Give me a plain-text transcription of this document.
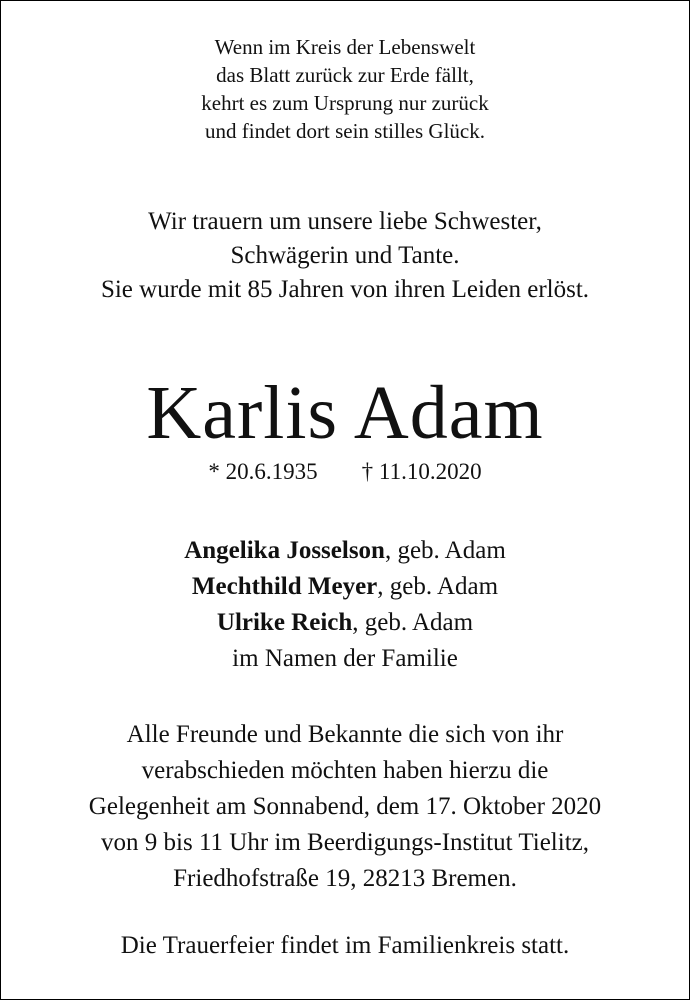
Wenn im Kreis der Lebenswelt
das Blatt zurück zur Erde fällt,
kehrt es zum Ursprung nur zurück
und findet dort sein stilles Glück.
Wir trauern um unsere liebe Schwester,
Schwägerin und Tante.
Sie wurde mit 85 Jahren von ihren Leiden erlöst.
Karlis Adam
* 20.6.1935 † 11.10.2020
Angelika Josselson, geb. Adam
Mechthild Meyer, geb. Adam
Ulrike Reich, geb. Adam
im Namen der Familie
Alle Freunde und Bekannte die sich von ihr
verabschieden möchten haben hierzu die
Gelegenheit am Sonnabend, dem 17. Oktober 2020
von 9 bis 11 Uhr im Beerdigungs-Institut Tielitz,
Friedhofstraße 19, 28213 Bremen.
Die Trauerfeier findet im Familienkreis statt.
